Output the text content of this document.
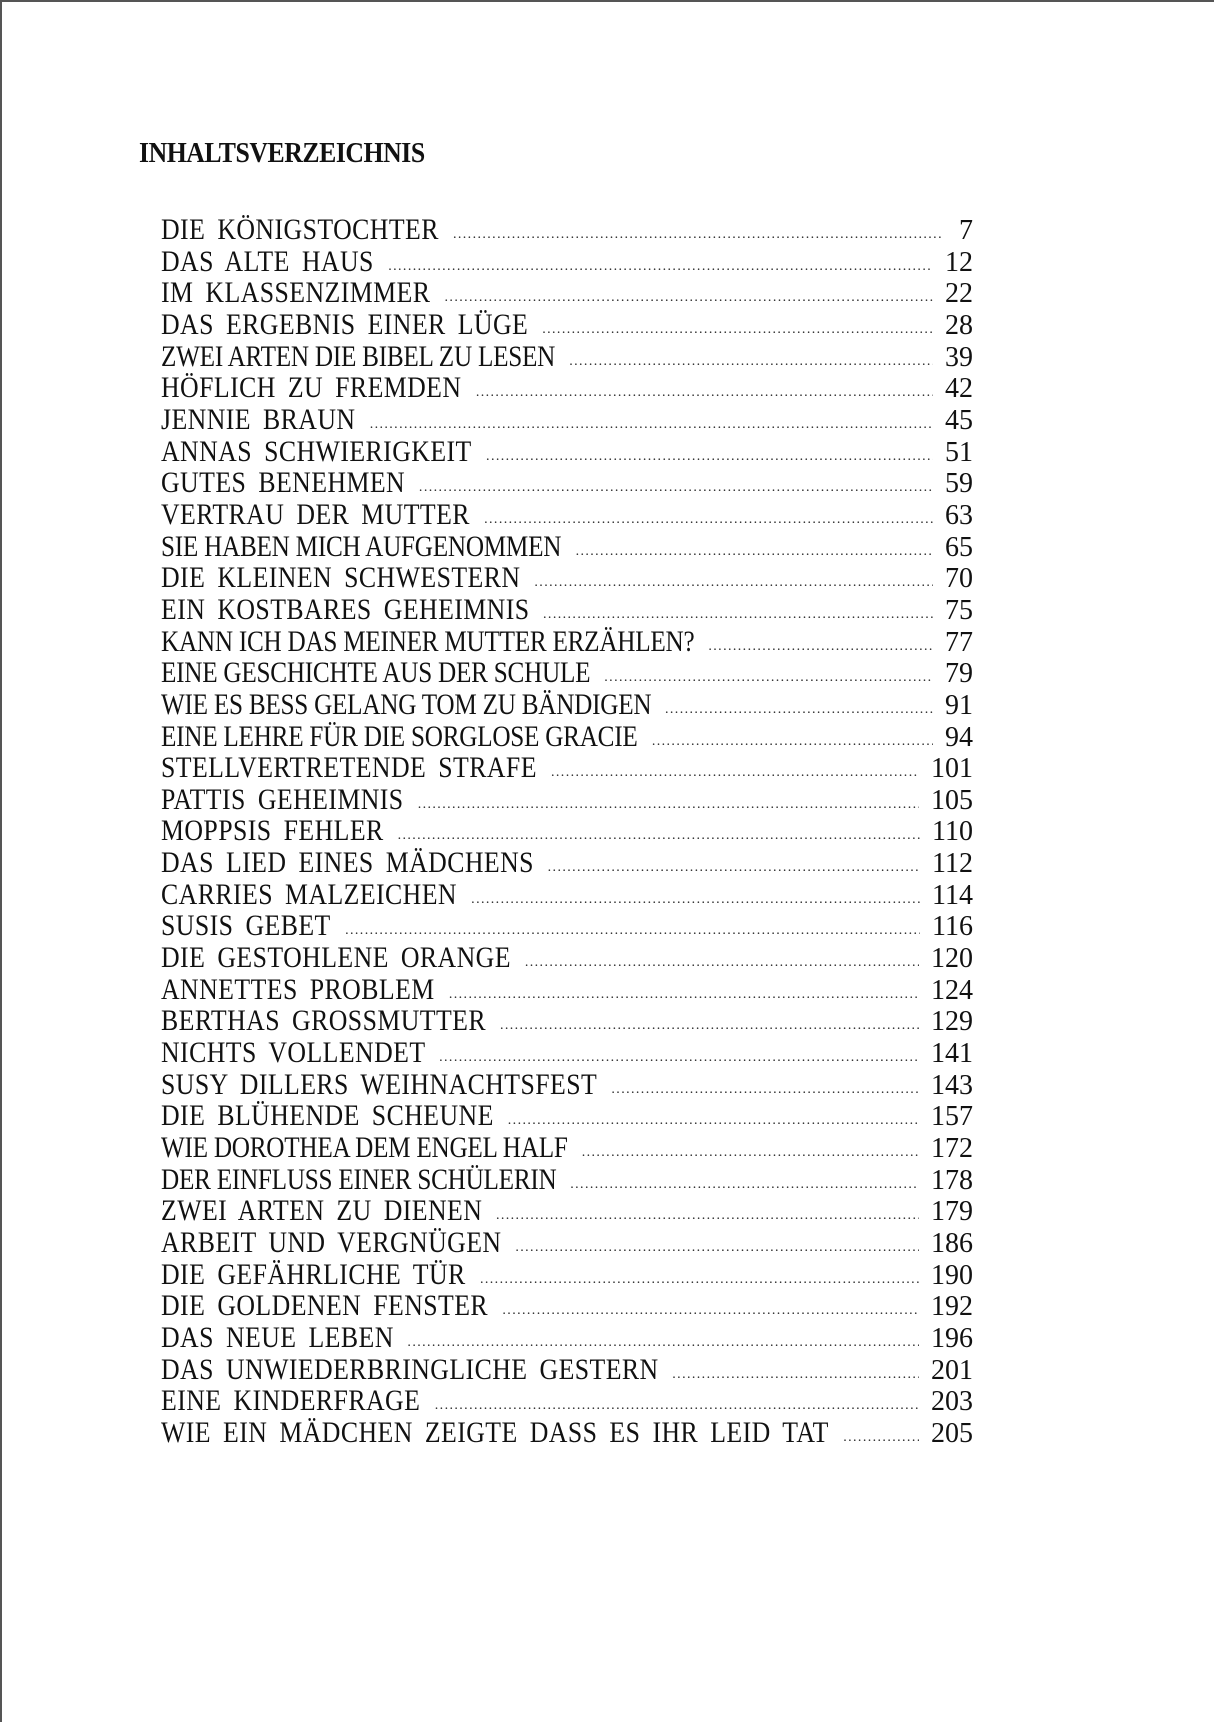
INHALTSVERZEICHNIS
DIE KÖNIGSTOCHTER .....	7
DAS ALTE HAUS .....	12
IM KLASSENZIMMER .....	22
DAS ERGEBNIS EINER LÜGE .....	28
ZWEI ARTEN DIE BIBEL ZU LESEN .....	39
HÖFLICH ZU FREMDEN .....	42
JENNIE BRAUN .....	45
ANNAS SCHWIERIGKEIT .....	51
GUTES BENEHMEN .....	59
VERTRAU DER MUTTER .....	63
SIE HABEN MICH AUFGENOMMEN .....	65
DIE KLEINEN SCHWESTERN .....	70
EIN KOSTBARES GEHEIMNIS .....	75
KANN ICH DAS MEINER MUTTER ERZÄHLEN? .....	77
EINE GESCHICHTE AUS DER SCHULE .....	79
WIE ES BESS GELANG TOM ZU BÄNDIGEN .....	91
EINE LEHRE FÜR DIE SORGLOSE GRACIE .....	94
STELLVERTRETENDE STRAFE .....	101
PATTIS GEHEIMNIS .....	105
MOPPSIS FEHLER .....	110
DAS LIED EINES MÄDCHENS .....	112
CARRIES MALZEICHEN .....	114
SUSIS GEBET .....	116
DIE GESTOHLENE ORANGE .....	120
ANNETTES PROBLEM .....	124
BERTHAS GROSSMUTTER .....	129
NICHTS VOLLENDET .....	141
SUSY DILLERS WEIHNACHTSFEST .....	143
DIE BLÜHENDE SCHEUNE .....	157
WIE DOROTHEA DEM ENGEL HALF .....	172
DER EINFLUSS EINER SCHÜLERIN .....	178
ZWEI ARTEN ZU DIENEN .....	179
ARBEIT UND VERGNÜGEN .....	186
DIE GEFÄHRLICHE TÜR .....	190
DIE GOLDENEN FENSTER .....	192
DAS NEUE LEBEN .....	196
DAS UNWIEDERBRINGLICHE GESTERN .....	201
EINE KINDERFRAGE .....	203
WIE EIN MÄDCHEN ZEIGTE DASS ES IHR LEID TAT .....	205
